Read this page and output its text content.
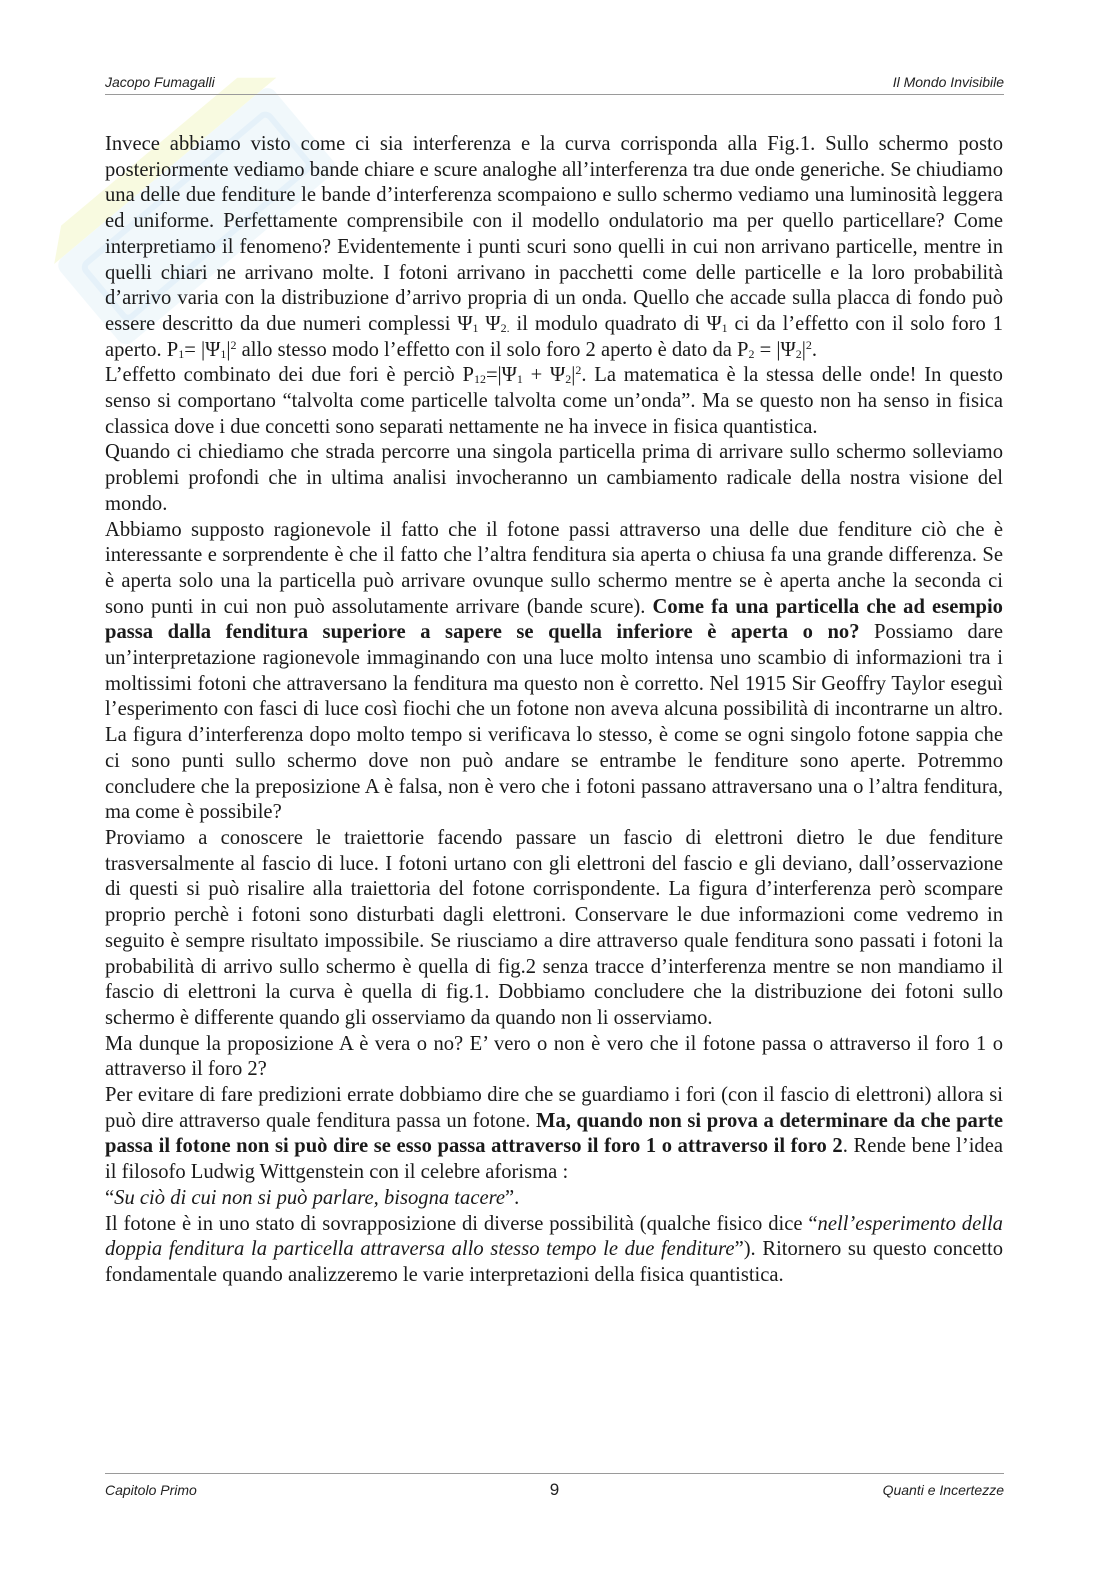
Jacopo Fumagalli	Il Mondo Invisibile

Invece abbiamo visto come ci sia interferenza e la curva corrisponda alla Fig.1. Sullo schermo posto posteriormente vediamo bande chiare e scure analoghe all’interferenza tra due onde generiche. Se chiudiamo una delle due fenditure le bande d’interferenza scompaiono e sullo schermo vediamo una luminosità leggera ed uniforme. Perfettamente comprensibile con il modello ondulatorio ma per quello particellare? Come interpretiamo il fenomeno? Evidentemente i punti scuri sono quelli in cui non arrivano particelle, mentre in quelli chiari ne arrivano molte. I fotoni arrivano in pacchetti come delle particelle e la loro probabilità d’arrivo varia con la distribuzione d’arrivo propria di un onda. Quello che accade sulla placca di fondo può essere descritto da due numeri complessi $\Psi_1$ $\Psi_{2.}$ il modulo quadrato di $\Psi_1$ ci da l’effetto con il solo foro 1 aperto. $P_1= |\Psi_1|^2$ allo stesso modo l’effetto con il solo foro 2 aperto è dato da $P_2 = |\Psi_2|^2$.

L’effetto combinato dei due fori è perciò $P_{12}=|\Psi_1 + \Psi_2|^2$. La matematica è la stessa delle onde! In questo senso si comportano “talvolta come particelle talvolta come un’onda”. Ma se questo non ha senso in fisica classica dove i due concetti sono separati nettamente ne ha invece in fisica quantistica.

Quando ci chiediamo che strada percorre una singola particella prima di arrivare sullo schermo solleviamo problemi profondi che in ultima analisi invocheranno un cambiamento radicale della nostra visione del mondo.

Abbiamo supposto ragionevole il fatto che il fotone passi attraverso una delle due fenditure ciò che è interessante e sorprendente è che il fatto che l’altra fenditura sia aperta o chiusa fa una grande differenza. Se è aperta solo una la particella può arrivare ovunque sullo schermo mentre se è aperta anche la seconda ci sono punti in cui non può assolutamente arrivare (bande scure). Come fa una particella che ad esempio passa dalla fenditura superiore a sapere se quella inferiore è aperta o no? Possiamo dare un’interpretazione ragionevole immaginando con una luce molto intensa uno scambio di informazioni tra i moltissimi fotoni che attraversano la fenditura ma questo non è corretto. Nel 1915 Sir Geoffry Taylor eseguì l’esperimento con fasci di luce così fiochi che un fotone non aveva alcuna possibilità di incontrarne un altro. La figura d’interferenza dopo molto tempo si verificava lo stesso, è come se ogni singolo fotone sappia che ci sono punti sullo schermo dove non può andare se entrambe le fenditure sono aperte. Potremmo concludere che la preposizione A è falsa, non è vero che i fotoni passano attraversano una o l’altra fenditura, ma come è possibile?

Proviamo a conoscere le traiettorie facendo passare un fascio di elettroni dietro le due fenditure trasversalmente al fascio di luce. I fotoni urtano con gli elettroni del fascio e gli deviano, dall’osservazione di questi si può risalire alla traiettoria del fotone corrispondente. La figura d’interferenza però scompare proprio perchè i fotoni sono disturbati dagli elettroni. Conservare le due informazioni come vedremo in seguito è sempre risultato impossibile. Se riusciamo a dire attraverso quale fenditura sono passati i fotoni la probabilità di arrivo sullo schermo è quella di fig.2 senza tracce d’interferenza mentre se non mandiamo il fascio di elettroni la curva è quella di fig.1. Dobbiamo concludere che la distribuzione dei fotoni sullo schermo è differente quando gli osserviamo da quando non li osserviamo.

Ma dunque la proposizione A è vera o no? E’ vero o non è vero che il fotone passa o attraverso il foro 1 o attraverso il foro 2?

Per evitare di fare predizioni errate dobbiamo dire che se guardiamo i fori (con il fascio di elettroni) allora si può dire attraverso quale fenditura passa un fotone. Ma, quando non si prova a determinare da che parte passa il fotone non si può dire se esso passa attraverso il foro 1 o attraverso il foro 2. Rende bene l’idea il filosofo Ludwig Wittgenstein con il celebre aforisma :

“Su ciò di cui non si può parlare, bisogna tacere”.

Il fotone è in uno stato di sovrapposizione di diverse possibilità (qualche fisico dice “nell’esperimento della doppia fenditura la particella attraversa allo stesso tempo le due fenditure”). Ritornero su questo concetto fondamentale quando analizzeremo le varie interpretazioni della fisica quantistica.

Capitolo Primo	9	Quanti e Incertezze
